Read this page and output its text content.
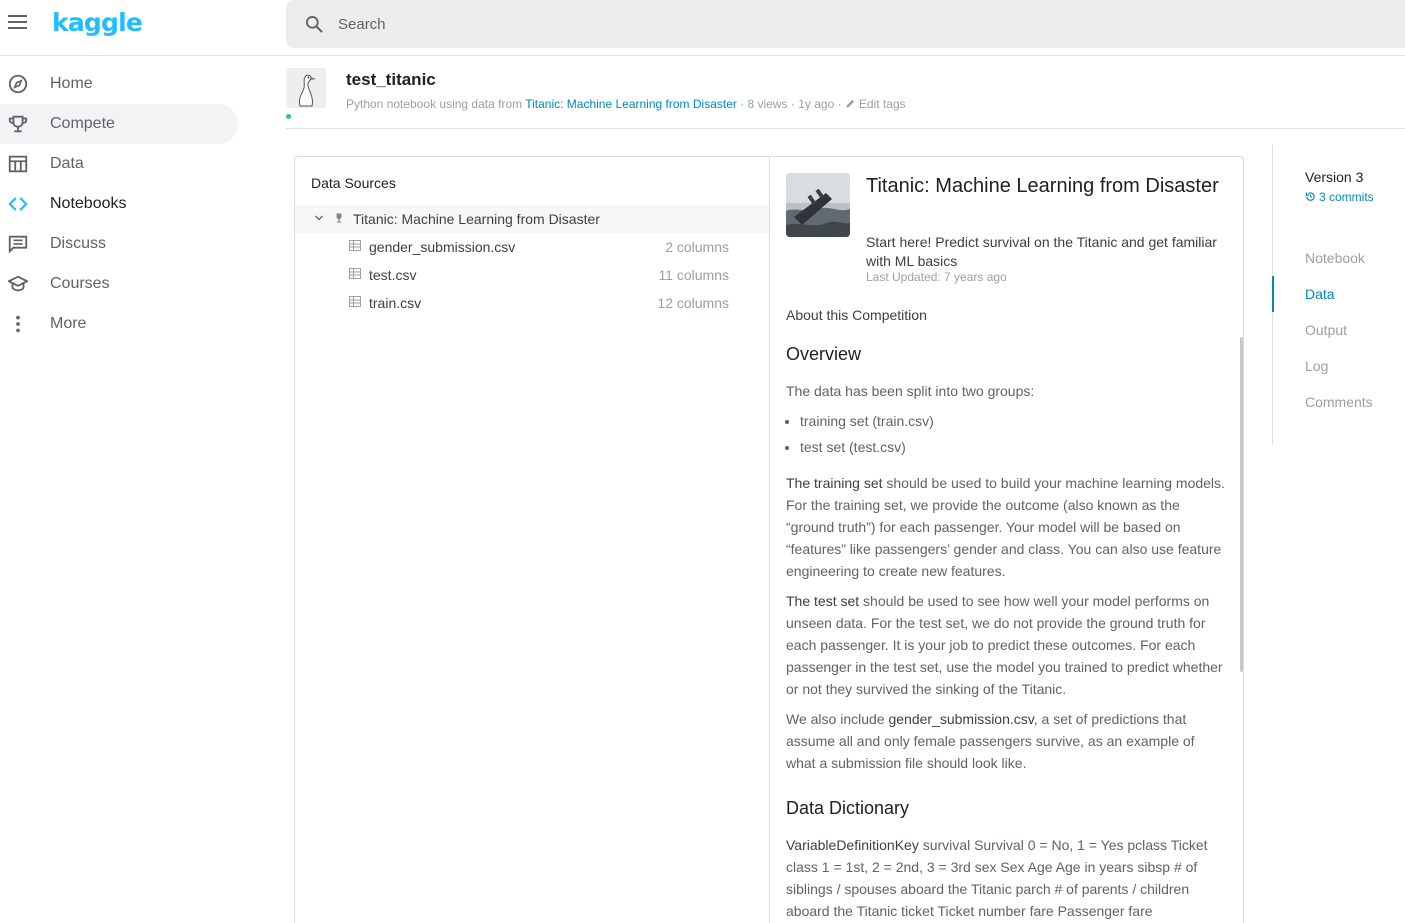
kaggle
Search
Home
Compete
Data
Notebooks
Discuss
Courses
More
test_titanic
Python notebook using data from Titanic: Machine Learning from Disaster · 8 views · 1y ago · Edit tags
Data Sources
Titanic: Machine Learning from Disaster
gender_submission.csv	2 columns
test.csv	11 columns
train.csv	12 columns
Titanic: Machine Learning from Disaster
Start here! Predict survival on the Titanic and get familiar with ML basics
Last Updated: 7 years ago
About this Competition
Overview

The data has been split into two groups:

• training set (train.csv)
• test set (test.csv)

The training set should be used to build your machine learning models. For the training set, we provide the outcome (also known as the “ground truth”) for each passenger. Your model will be based on “features” like passengers’ gender and class. You can also use feature engineering to create new features.

The test set should be used to see how well your model performs on unseen data. For the test set, we do not provide the ground truth for each passenger. It is your job to predict these outcomes. For each passenger in the test set, use the model you trained to predict whether or not they survived the sinking of the Titanic.

We also include gender_submission.csv, a set of predictions that assume all and only female passengers survive, as an example of what a submission file should look like.

Data Dictionary

VariableDefinitionKey survival Survival 0 = No, 1 = Yes pclass Ticket class 1 = 1st, 2 = 2nd, 3 = 3rd sex Sex Age Age in years sibsp # of siblings / spouses aboard the Titanic parch # of parents / children aboard the Titanic ticket Ticket number fare Passenger fare

Version 3
3 commits
Notebook
Data
Output
Log
Comments
